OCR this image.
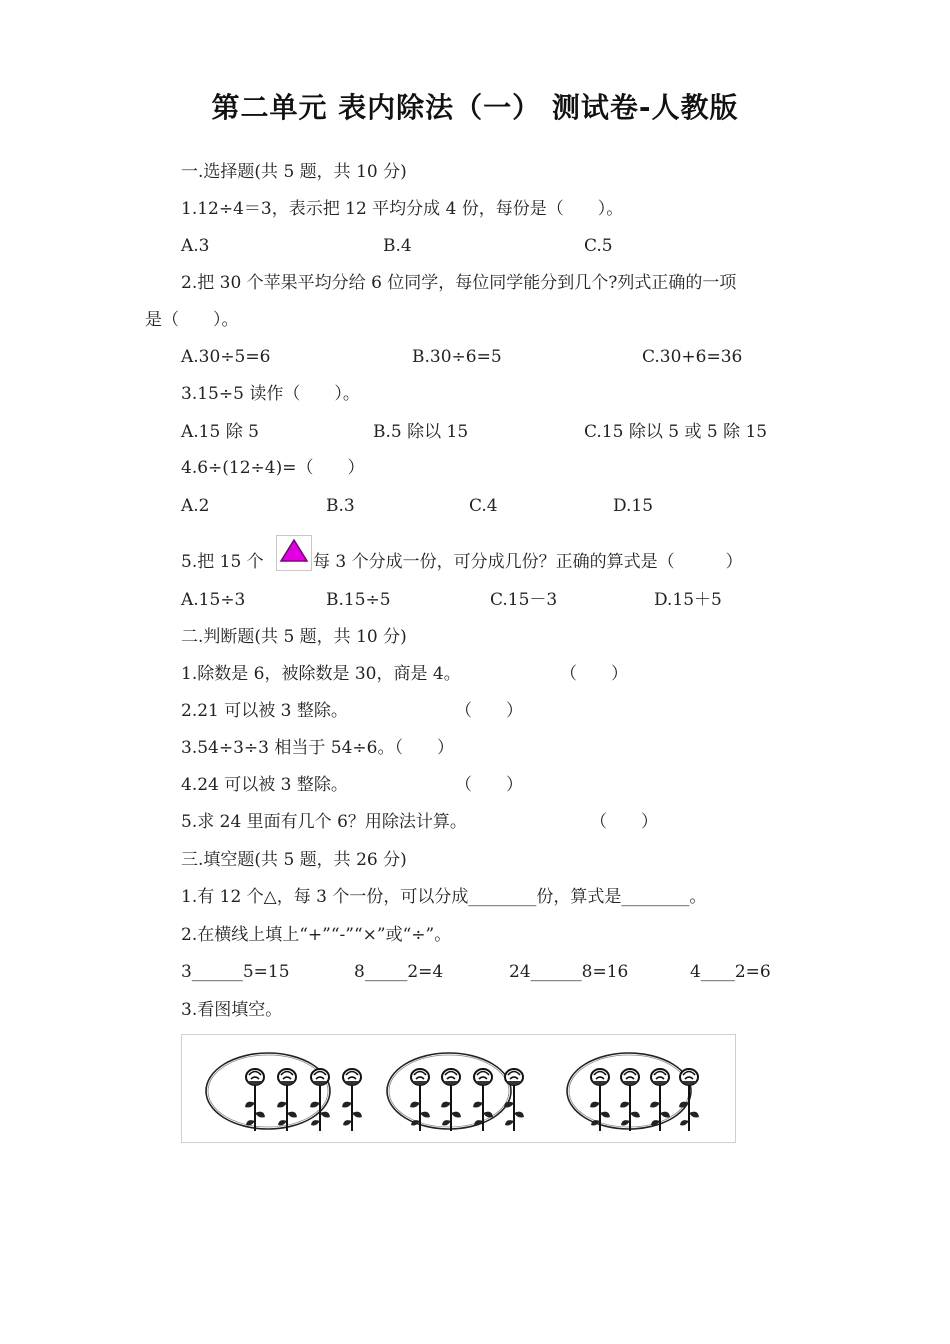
第二单元 表内除法（一） 测试卷-人教版
一.选择题(共 5 题，共 10 分)
1.12÷4＝3，表示把 12 平均分成 4 份，每份是（　　）。
A.3	B.4	C.5
2.把 30 个苹果平均分给 6 位同学，每位同学能分到几个?列式正确的一项
是（　　）。
A.30÷5=6	B.30÷6=5	C.30+6=36
3.15÷5 读作（　　）。
A.15 除 5	B.5 除以 15	C.15 除以 5 或 5 除 15
4.6÷(12÷4)=（　　）
A.2	B.3	C.4	D.15
5.把 15 个	每 3 个分成一份，可分成几份？正确的算式是（　　　）
A.15÷3	B.15÷5	C.15－3	D.15＋5
二.判断题(共 5 题，共 10 分)
1.除数是 6，被除数是 30，商是 4。	（　　）
2.21 可以被 3 整除。	（　　）
3.54÷3÷3 相当于 54÷6。（　　）
4.24 可以被 3 整除。	（　　）
5.求 24 里面有几个 6？用除法计算。	（　　）
三.填空题(共 5 题，共 26 分)
1.有 12 个△，每 3 个一份，可以分成________份，算式是________。
2.在横线上填上“+”“-”“×”或“÷”。
3______5=15	8_____2=4	24______8=16	4____2=6
3.看图填空。
